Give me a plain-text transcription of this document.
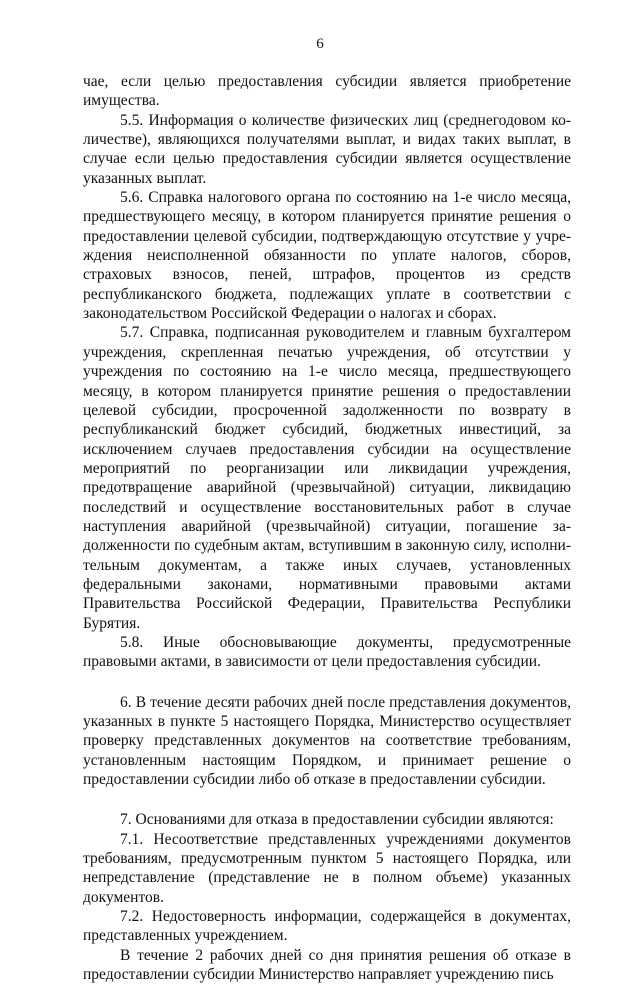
6

чае, если целью предоставления субсидии является приобретение имущества.

5.5. Информация о количестве физических лиц (среднегодовом количестве), являющихся получателями выплат, и видах таких выплат, в случае если целью предоставления субсидии является осуществление указанных выплат.

5.6. Справка налогового органа по состоянию на 1-е число месяца, предшествующего месяцу, в котором планируется принятие решения о предоставлении целевой субсидии, подтверждающую отсутствие у учреждения неисполненной обязанности по уплате налогов, сборов, страховых взносов, пеней, штрафов, процентов из средств республиканского бюджета, подлежащих уплате в соответствии с законодательством Российской Федерации о налогах и сборах.

5.7. Справка, подписанная руководителем и главным бухгалтером учреждения, скрепленная печатью учреждения, об отсутствии у учреждения по состоянию на 1-е число месяца, предшествующего месяцу, в котором планируется принятие решения о предоставлении целевой субсидии, просроченной задолженности по возврату в республиканский бюджет субсидий, бюджетных инвестиций, за исключением случаев предоставления субсидии на осуществление мероприятий по реорганизации или ликвидации учреждения, предотвращение аварийной (чрезвычайной) ситуации, ликвидацию последствий и осуществление восстановительных работ в случае наступления аварийной (чрезвычайной) ситуации, погашение задолженности по судебным актам, вступившим в законную силу, исполнительным документам, а также иных случаев, установленных федеральными законами, нормативными правовыми актами Правительства Российской Федерации, Правительства Республики Бурятия.

5.8. Иные обосновывающие документы, предусмотренные правовыми актами, в зависимости от цели предоставления субсидии.

6. В течение десяти рабочих дней после представления документов, указанных в пункте 5 настоящего Порядка, Министерство осуществляет проверку представленных документов на соответствие требованиям, установленным настоящим Порядком, и принимает решение о предоставлении субсидии либо об отказе в предоставлении субсидии.

7. Основаниями для отказа в предоставлении субсидии являются:

7.1. Несоответствие представленных учреждениями документов требованиям, предусмотренным пунктом 5 настоящего Порядка, или непредставление (представление не в полном объеме) указанных документов.

7.2. Недостоверность информации, содержащейся в документах, представленных учреждением.

В течение 2 рабочих дней со дня принятия решения об отказе в предоставлении субсидии Министерство направляет учреждению пись
